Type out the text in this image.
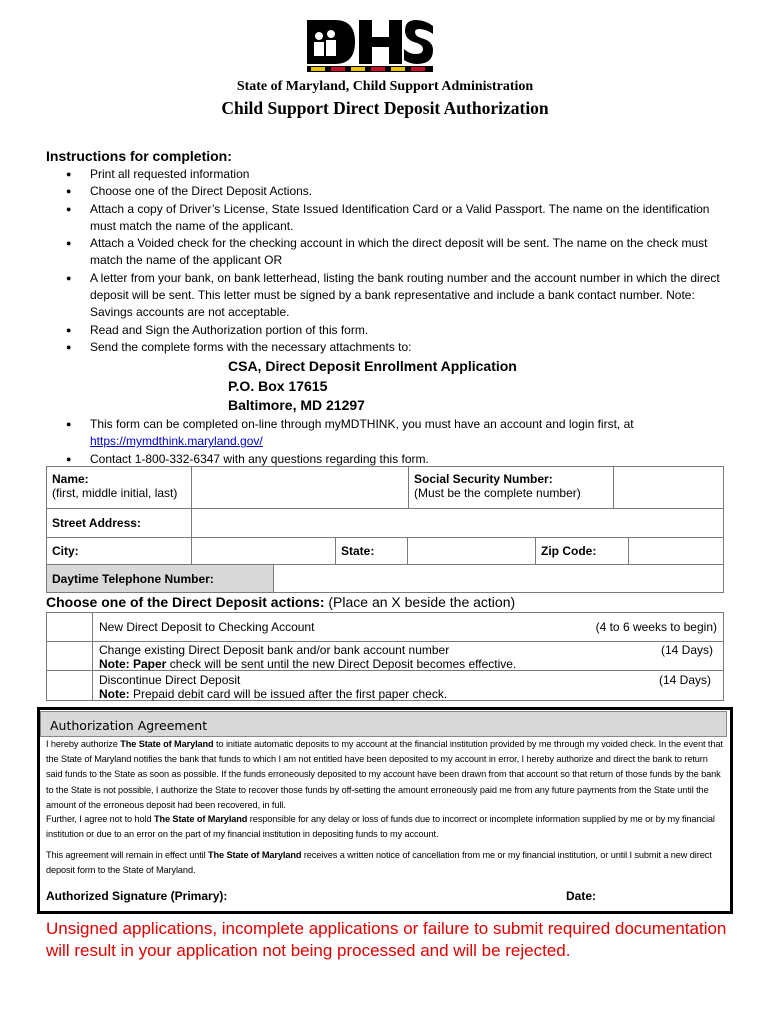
State of Maryland, Child Support Administration
Child Support Direct Deposit Authorization
Instructions for completion:
● Print all requested information
● Choose one of the Direct Deposit Actions.
● Attach a copy of Driver’s License, State Issued Identification Card or a Valid Passport. The name on the identification must match the name of the applicant.
● Attach a Voided check for the checking account in which the direct deposit will be sent. The name on the check must match the name of the applicant OR
● A letter from your bank, on bank letterhead, listing the bank routing number and the account number in which the direct deposit will be sent. This letter must be signed by a bank representative and include a bank contact number. Note: Savings accounts are not acceptable.
● Read and Sign the Authorization portion of this form.
● Send the complete forms with the necessary attachments to:
CSA, Direct Deposit Enrollment Application
P.O. Box 17615
Baltimore, MD 21297
● This form can be completed on-line through myMDTHINK, you must have an account and login first, at
https://mymdthink.maryland.gov/
● Contact 1-800-332-6347 with any questions regarding this form.
Name:
(first, middle initial, last)
Social Security Number:
(Must be the complete number)
Street Address:
City:	State:	Zip Code:
Daytime Telephone Number:
Choose one of the Direct Deposit actions: (Place an X beside the action)
New Direct Deposit to Checking Account	(4 to 6 weeks to begin)
Change existing Direct Deposit bank and/or bank account number	(14 Days)
Note: Paper check will be sent until the new Direct Deposit becomes effective.
Discontinue Direct Deposit	(14 Days)
Note: Prepaid debit card will be issued after the first paper check.
Authorization Agreement
I hereby authorize The State of Maryland to initiate automatic deposits to my account at the financial institution provided by me through my voided check. In the event that the State of Maryland notifies the bank that funds to which I am not entitled have been deposited to my account in error, I hereby authorize and direct the bank to return said funds to the State as soon as possible. If the funds erroneously deposited to my account have been drawn from that account so that return of those funds by the bank to the State is not possible, I authorize the State to recover those funds by off-setting the amount erroneously paid me from any future payments from the State until the amount of the erroneous deposit had been recovered, in full.
Further, I agree not to hold The State of Maryland responsible for any delay or loss of funds due to incorrect or incomplete information supplied by me or by my financial institution or due to an error on the part of my financial institution in depositing funds to my account.
This agreement will remain in effect until The State of Maryland receives a written notice of cancellation from me or my financial institution, or until I submit a new direct deposit form to the State of Maryland.
Authorized Signature (Primary):	Date:
Unsigned applications, incomplete applications or failure to submit required documentation will result in your application not being processed and will be rejected.
